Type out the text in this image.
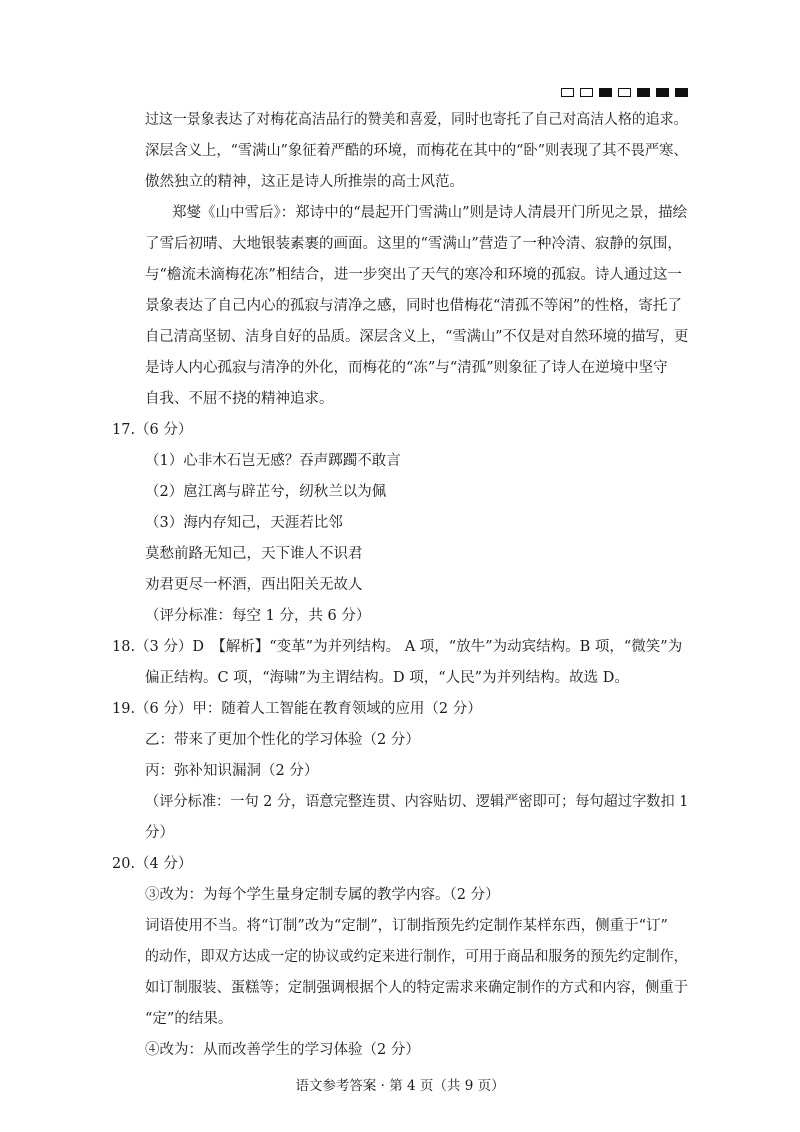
过这一景象表达了对梅花高洁品行的赞美和喜爱，同时也寄托了自己对高洁人格的追求。
深层含义上，“雪满山”象征着严酷的环境，而梅花在其中的“卧”则表现了其不畏严寒、
傲然独立的精神，这正是诗人所推崇的高士风范。
郑燮《山中雪后》：郑诗中的“晨起开门雪满山”则是诗人清晨开门所见之景，描绘
了雪后初晴、大地银装素裹的画面。这里的“雪满山”营造了一种冷清、寂静的氛围，
与“檐流未滴梅花冻”相结合，进一步突出了天气的寒冷和环境的孤寂。诗人通过这一
景象表达了自己内心的孤寂与清净之感，同时也借梅花“清孤不等闲”的性格，寄托了
自己清高坚韧、洁身自好的品质。深层含义上，“雪满山”不仅是对自然环境的描写，更
是诗人内心孤寂与清净的外化，而梅花的“冻”与“清孤”则象征了诗人在逆境中坚守
自我、不屈不挠的精神追求。
17.（6 分）
（1）心非木石岂无感？吞声踯躅不敢言
（2）扈江离与辟芷兮，纫秋兰以为佩
（3）海内存知己，天涯若比邻
莫愁前路无知己，天下谁人不识君
劝君更尽一杯酒，西出阳关无故人
（评分标准：每空 1 分，共 6 分）
18.（3 分）D　【解析】“变革”为并列结构。 A 项，“放牛”为动宾结构。B 项，“微笑”为
偏正结构。C 项，“海啸”为主谓结构。D 项，“人民”为并列结构。故选 D。
19.（6 分）甲：随着人工智能在教育领域的应用（2 分）
乙：带来了更加个性化的学习体验（2 分）
丙：弥补知识漏洞（2 分）
（评分标准：一句 2 分，语意完整连贯、内容贴切、逻辑严密即可；每句超过字数扣 1
分）
20.（4 分）
③改为：为每个学生量身定制专属的教学内容。（2 分）
词语使用不当。将“订制”改为“定制”，订制指预先约定制作某样东西，侧重于“订”
的动作，即双方达成一定的协议或约定来进行制作，可用于商品和服务的预先约定制作，
如订制服装、蛋糕等；定制强调根据个人的特定需求来确定制作的方式和内容，侧重于
“定”的结果。
④改为：从而改善学生的学习体验（2 分）
语文参考答案 · 第 4 页（共 9 页）
